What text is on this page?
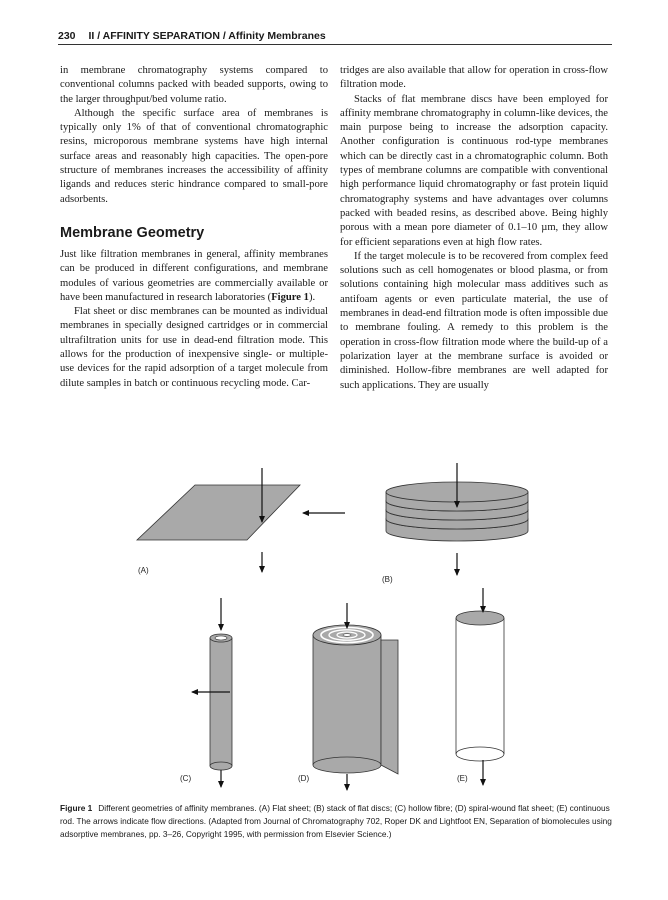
230 II / AFFINITY SEPARATION / Affinity Membranes

in membrane chromatography systems compared to conventional columns packed with beaded supports, owing to the larger throughput/bed volume ratio.

Although the specific surface area of membranes is typically only 1% of that of conventional chromatographic resins, microporous membrane systems have high internal surface areas and reasonably high capacities. The open-pore structure of membranes increases the accessibility of affinity ligands and reduces steric hindrance compared to small-pore adsorbents.

Membrane Geometry

Just like filtration membranes in general, affinity membranes can be produced in different configurations, and membrane modules of various geometries are commercially available or have been manufactured in research laboratories (Figure 1).

Flat sheet or disc membranes can be mounted as individual membranes in specially designed cartridges or in commercial ultrafiltration units for use in dead-end filtration mode. This allows for the production of inexpensive single- or multiple-use devices for the rapid adsorption of a target molecule from dilute samples in batch or continuous recycling mode. Car-

tridges are also available that allow for operation in cross-flow filtration mode.

Stacks of flat membrane discs have been employed for affinity membrane chromatography in column-like devices, the main purpose being to increase the adsorption capacity. Another configuration is continuous rod-type membranes which can be directly cast in a chromatographic column. Both types of membrane columns are compatible with conventional high performance liquid chromatography or fast protein liquid chromatography systems and have advantages over columns packed with beaded resins, as described above. Being highly porous with a mean pore diameter of 0.1–10 µm, they allow for efficient separations even at high flow rates.

If the target molecule is to be recovered from complex feed solutions such as cell homogenates or blood plasma, or from solutions containing high molecular mass additives such as antifoam agents or even particulate material, the use of membranes in dead-end filtration mode is often impossible due to membrane fouling. A remedy to this problem is the operation in cross-flow filtration mode where the build-up of a polarization layer at the membrane surface is avoided or diminished. Hollow-fibre membranes are well adapted for such applications. They are usually

(A)
(B)
(C)	(D)	(E)
Figure 1 Different geometries of affinity membranes. (A) Flat sheet; (B) stack of flat discs; (C) hollow fibre; (D) spiral-wound flat sheet; (E) continuous rod. The arrows indicate flow directions. (Adapted from Journal of Chromatography 702, Roper DK and Lightfoot EN, Separation of biomolecules using adsorptive membranes, pp. 3–26, Copyright 1995, with permission from Elsevier Science.)
